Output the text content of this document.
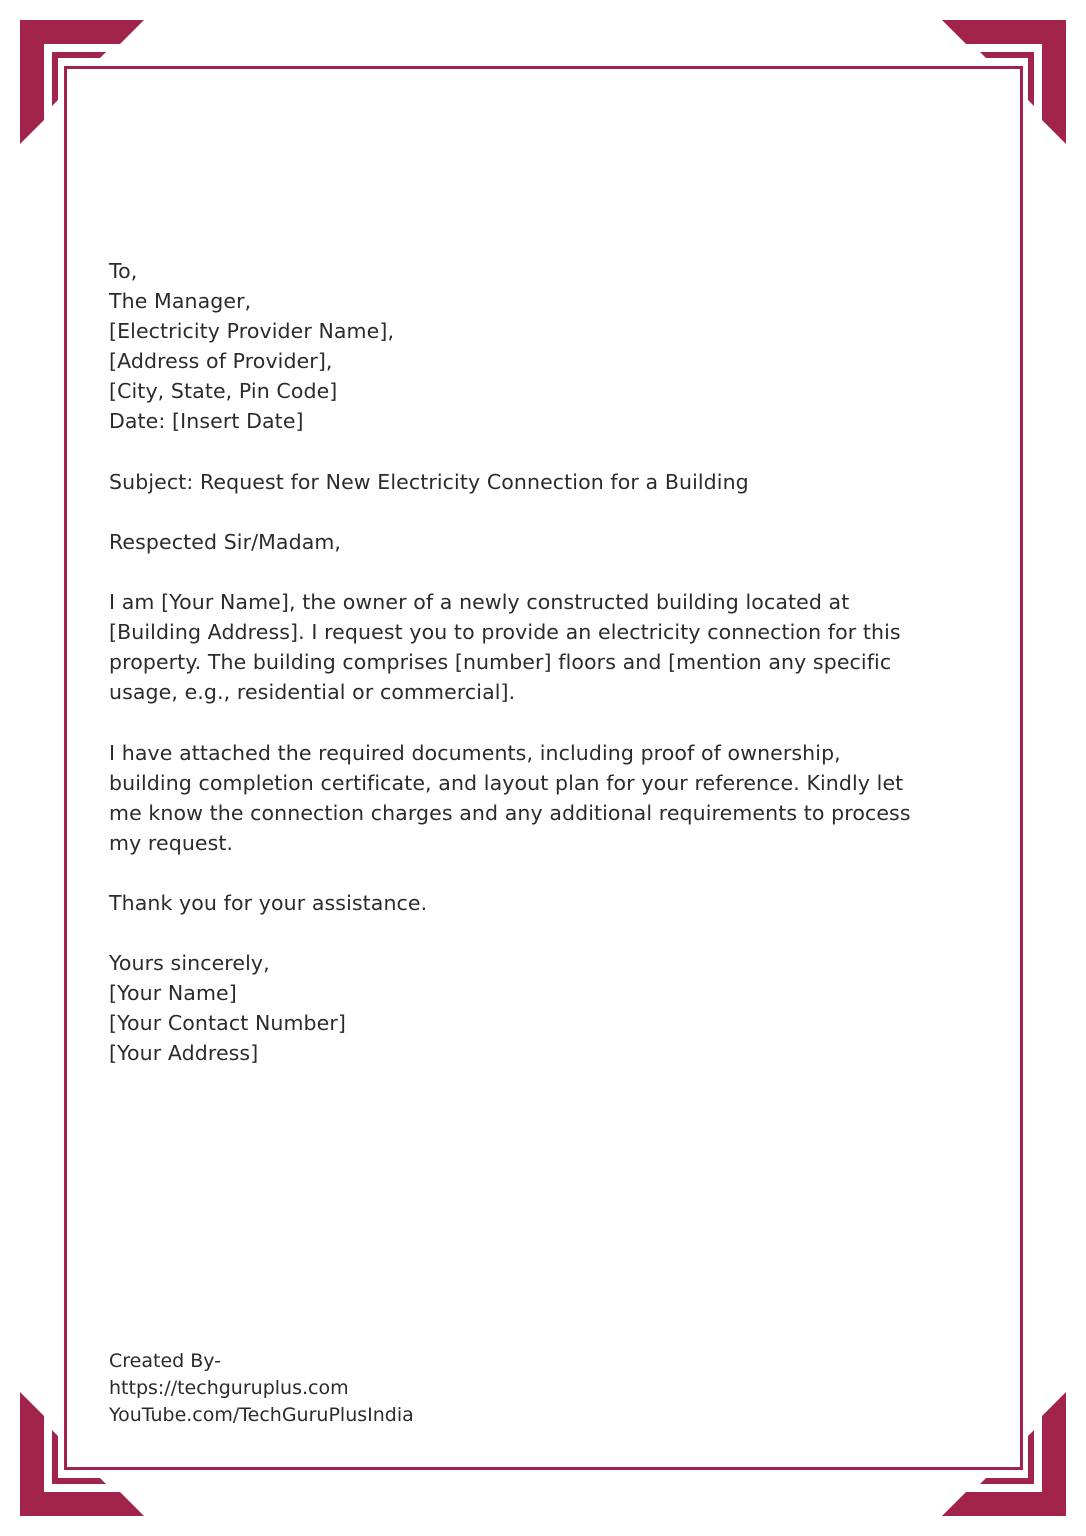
To,
The Manager,
[Electricity Provider Name],
[Address of Provider],
[City, State, Pin Code]
Date: [Insert Date]
Subject: Request for New Electricity Connection for a Building
Respected Sir/Madam,
I am [Your Name], the owner of a newly constructed building located at
[Building Address]. I request you to provide an electricity connection for this
property. The building comprises [number] floors and [mention any specific
usage, e.g., residential or commercial].
I have attached the required documents, including proof of ownership,
building completion certificate, and layout plan for your reference. Kindly let
me know the connection charges and any additional requirements to process
my request.
Thank you for your assistance.
Yours sincerely,
[Your Name]
[Your Contact Number]
[Your Address]
Created By-
https://techguruplus.com
YouTube.com/TechGuruPlusIndia
